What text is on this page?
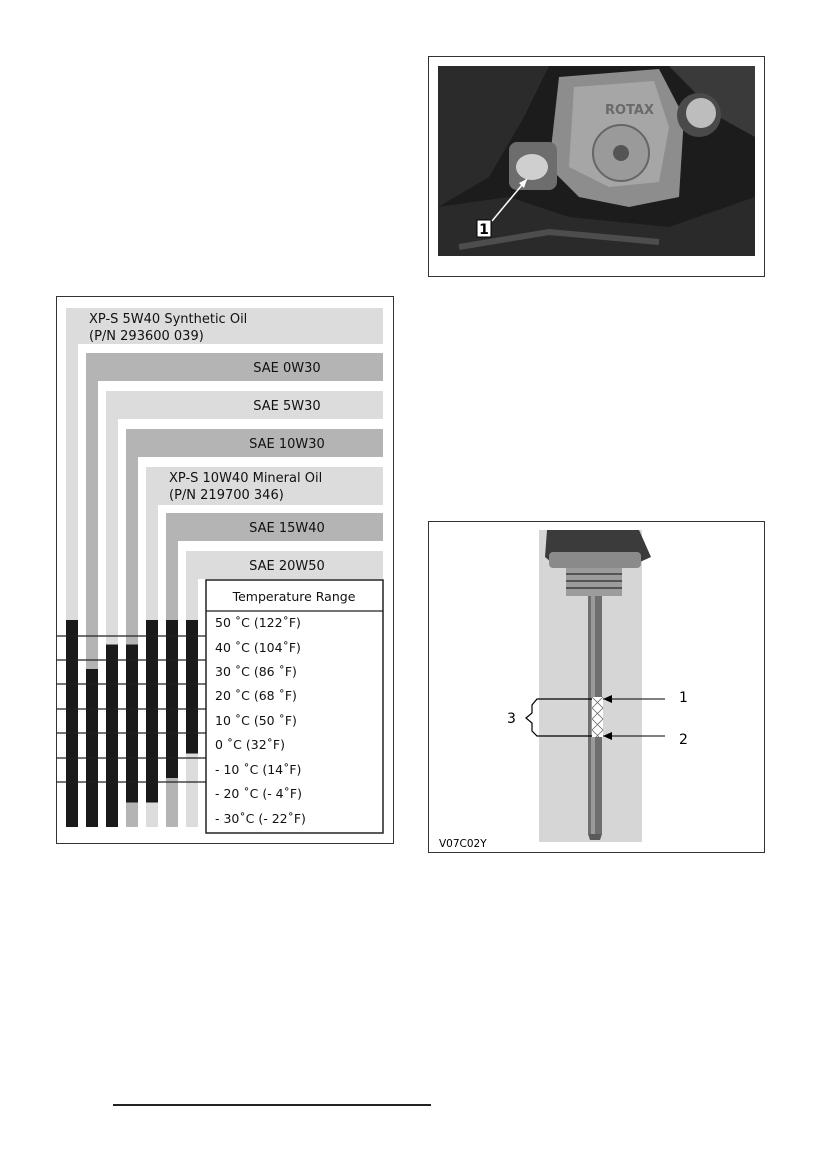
ROTAX
1
XP-S 5W40 Synthetic Oil
(P/N 293600 039)
SAE 0W30
SAE 5W30
SAE 10W30
XP-S 10W40 Mineral Oil
(P/N 219700 346)
SAE 15W40
SAE 20W50
Temperature Range
50 ˚C (122˚F)
40 ˚C (104˚F)
30 ˚C (86 ˚F)
20 ˚C (68 ˚F)
10 ˚C (50 ˚F)
0 ˚C (32˚F)
- 10 ˚C (14˚F)
- 20 ˚C (- 4˚F)
- 30˚C (- 22˚F)
1
2
3
V07C02Y
